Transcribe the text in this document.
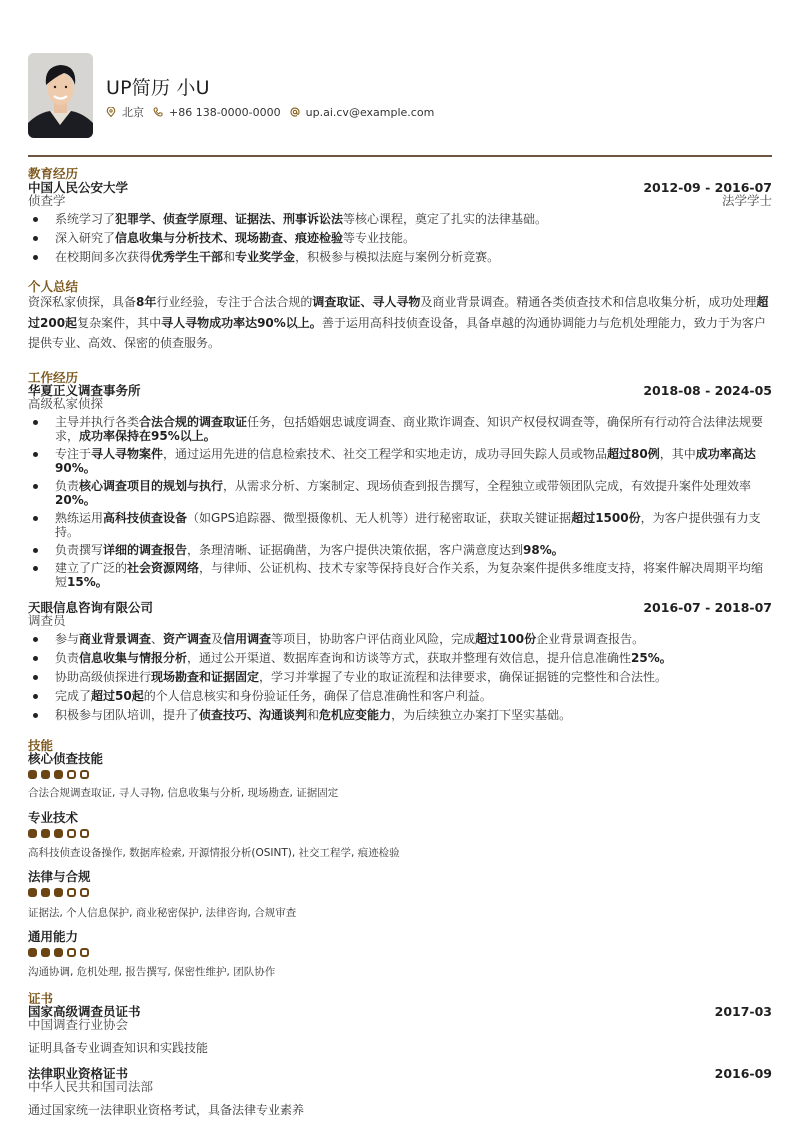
UP简历 小U
北京 +86 138-0000-0000 up.ai.cv@example.com
教育经历
中国人民公安大学	2012-09 - 2016-07
侦查学	法学学士
系统学习了犯罪学、侦查学原理、证据法、刑事诉讼法等核心课程，奠定了扎实的法律基础。
深入研究了信息收集与分析技术、现场勘查、痕迹检验等专业技能。
在校期间多次获得优秀学生干部和专业奖学金，积极参与模拟法庭与案例分析竞赛。
个人总结
资深私家侦探，具备8年行业经验，专注于合法合规的调查取证、寻人寻物及商业背景调查。精通各类侦查技术和信息收集分析，成功处理超过200起复杂案件，其中寻人寻物成功率达90%以上。善于运用高科技侦查设备，具备卓越的沟通协调能力与危机处理能力，致力于为客户提供专业、高效、保密的侦查服务。
工作经历
华夏正义调查事务所	2018-08 - 2024-05
高级私家侦探
主导并执行各类合法合规的调查取证任务，包括婚姻忠诚度调查、商业欺诈调查、知识产权侵权调查等，确保所有行动符合法律法规要求，成功率保持在95%以上。
专注于寻人寻物案件，通过运用先进的信息检索技术、社交工程学和实地走访，成功寻回失踪人员或物品超过80例，其中成功率高达90%。
负责核心调查项目的规划与执行，从需求分析、方案制定、现场侦查到报告撰写，全程独立或带领团队完成，有效提升案件处理效率20%。
熟练运用高科技侦查设备（如GPS追踪器、微型摄像机、无人机等）进行秘密取证，获取关键证据超过1500份，为客户提供强有力支持。
负责撰写详细的调查报告，条理清晰、证据确凿，为客户提供决策依据，客户满意度达到98%。
建立了广泛的社会资源网络，与律师、公证机构、技术专家等保持良好合作关系，为复杂案件提供多维度支持，将案件解决周期平均缩短15%。
天眼信息咨询有限公司	2016-07 - 2018-07
调查员
参与商业背景调查、资产调查及信用调查等项目，协助客户评估商业风险，完成超过100份企业背景调查报告。
负责信息收集与情报分析，通过公开渠道、数据库查询和访谈等方式，获取并整理有效信息，提升信息准确性25%。
协助高级侦探进行现场勘查和证据固定，学习并掌握了专业的取证流程和法律要求，确保证据链的完整性和合法性。
完成了超过50起的个人信息核实和身份验证任务，确保了信息准确性和客户利益。
积极参与团队培训，提升了侦查技巧、沟通谈判和危机应变能力，为后续独立办案打下坚实基础。
技能
核心侦查技能
合法合规调查取证, 寻人寻物, 信息收集与分析, 现场勘查, 证据固定
专业技术
高科技侦查设备操作, 数据库检索, 开源情报分析(OSINT), 社交工程学, 痕迹检验
法律与合规
证据法, 个人信息保护, 商业秘密保护, 法律咨询, 合规审查
通用能力
沟通协调, 危机处理, 报告撰写, 保密性维护, 团队协作
证书
国家高级调查员证书	2017-03
中国调查行业协会
证明具备专业调查知识和实践技能
法律职业资格证书	2016-09
中华人民共和国司法部
通过国家统一法律职业资格考试，具备法律专业素养
